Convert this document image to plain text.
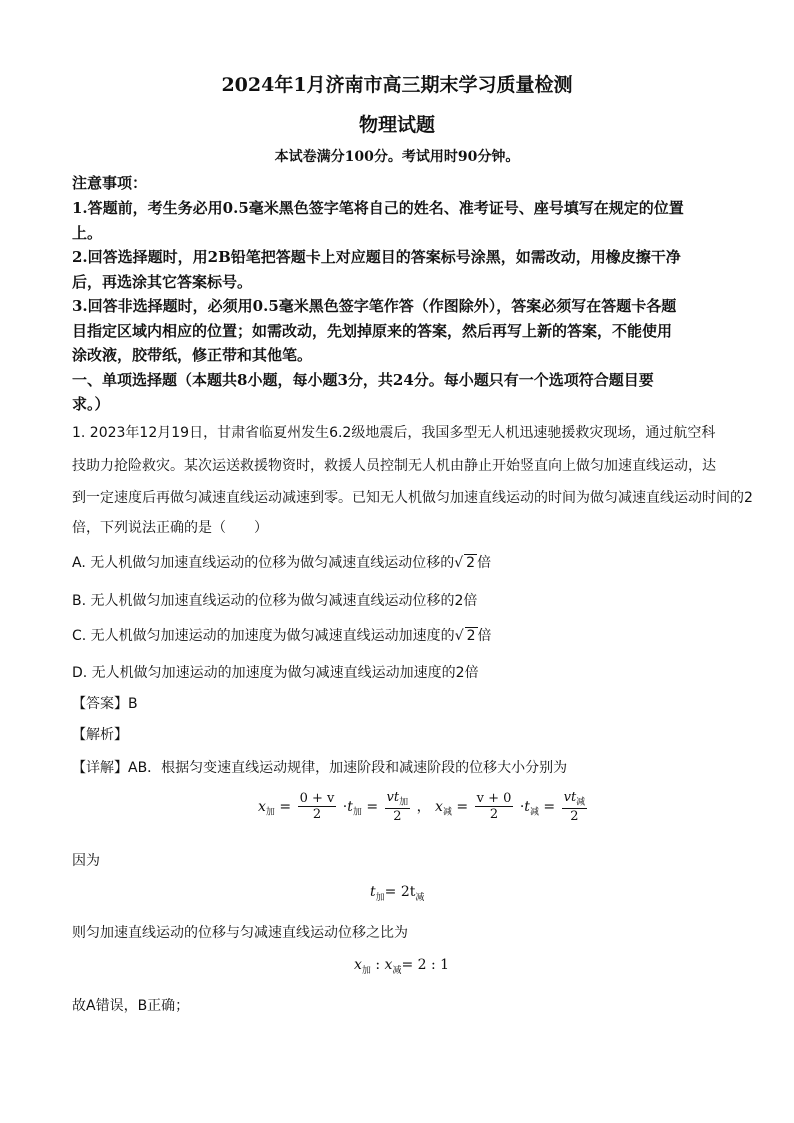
2024年1月济南市高三期末学习质量检测
物理试题
本试卷满分100分。考试用时90分钟。
注意事项：
1.答题前，考生务必用0.5毫米黑色签字笔将自己的姓名、准考证号、座号填写在规定的位置
上。
2.回答选择题时，用2B铅笔把答题卡上对应题目的答案标号涂黑，如需改动，用橡皮擦干净
后，再选涂其它答案标号。
3.回答非选择题时，必须用0.5毫米黑色签字笔作答（作图除外），答案必须写在答题卡各题
目指定区域内相应的位置；如需改动，先划掉原来的答案，然后再写上新的答案，不能使用
涂改液，胶带纸，修正带和其他笔。
一、单项选择题（本题共8小题，每小题3分，共24分。每小题只有一个选项符合题目要
求。）
1. 2023年12月19日，甘肃省临夏州发生6.2级地震后，我国多型无人机迅速驰援救灾现场，通过航空科
技助力抢险救灾。某次运送救援物资时，救援人员控制无人机由静止开始竖直向上做匀加速直线运动，达
到一定速度后再做匀减速直线运动减速到零。已知无人机做匀加速直线运动的时间为做匀减速直线运动时间的2
倍，下列说法正确的是（　　）
A. 无人机做匀加速直线运动的位移为做匀减速直线运动位移的√ 2 倍
B. 无人机做匀加速直线运动的位移为做匀减速直线运动位移的2倍
C. 无人机做匀加速运动的加速度为做匀减速直线运动加速度的√ 2 倍
D. 无人机做匀加速运动的加速度为做匀减速直线运动加速度的2倍
【答案】B
【解析】
【详解】AB．根据匀变速直线运动规律，加速阶段和减速阶段的位移大小分别为
$x_加 = \frac{0 + v}{2} \cdot t_加 = \frac{vt_加}{2}$ ， $x_减 = \frac{v + 0}{2} \cdot t_减 = \frac{vt_减}{2}$
因为
$t_加= 2t_减$
则匀加速直线运动的位移与匀减速直线运动位移之比为
$x_加$ : $x_减= 2$ : 1
故A错误，B正确；
